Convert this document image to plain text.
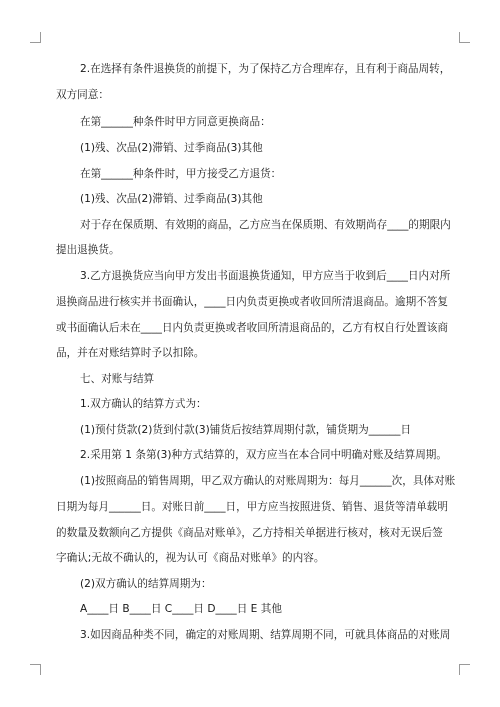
2.在选择有条件退换货的前提下，为了保持乙方合理库存，且有利于商品周转，
双方同意：
在第______种条件时甲方同意更换商品：
(1)残、次品(2)滞销、过季商品(3)其他
在第______种条件时，甲方接受乙方退货：
(1)残、次品(2)滞销、过季商品(3)其他
对于存在保质期、有效期的商品，乙方应当在保质期、有效期尚存____的期限内
提出退换货。
3.乙方退换货应当向甲方发出书面退换货通知，甲方应当于收到后____日内对所
退换商品进行核实并书面确认，____日内负责更换或者收回所清退商品。逾期不答复
或书面确认后未在____日内负责更换或者收回所清退商品的，乙方有权自行处置该商
品，并在对账结算时予以扣除。
七、对账与结算
1.双方确认的结算方式为：
(1)预付货款(2)货到付款(3)铺货后按结算周期付款，铺货期为______日
2.采用第 1 条第(3)种方式结算的，双方应当在本合同中明确对账及结算周期。
(1)按照商品的销售周期，甲乙双方确认的对账周期为：每月______次，具体对账
日期为每月______日。对账日前____日，甲方应当按照进货、销售、退货等清单载明
的数量及数额向乙方提供《商品对账单》，乙方持相关单据进行核对，核对无误后签
字确认;无故不确认的，视为认可《商品对账单》的内容。
(2)双方确认的结算周期为：
A____日 B____日 C____日 D____日 E 其他
3.如因商品种类不同，确定的对账周期、结算周期不同，可就具体商品的对账周
